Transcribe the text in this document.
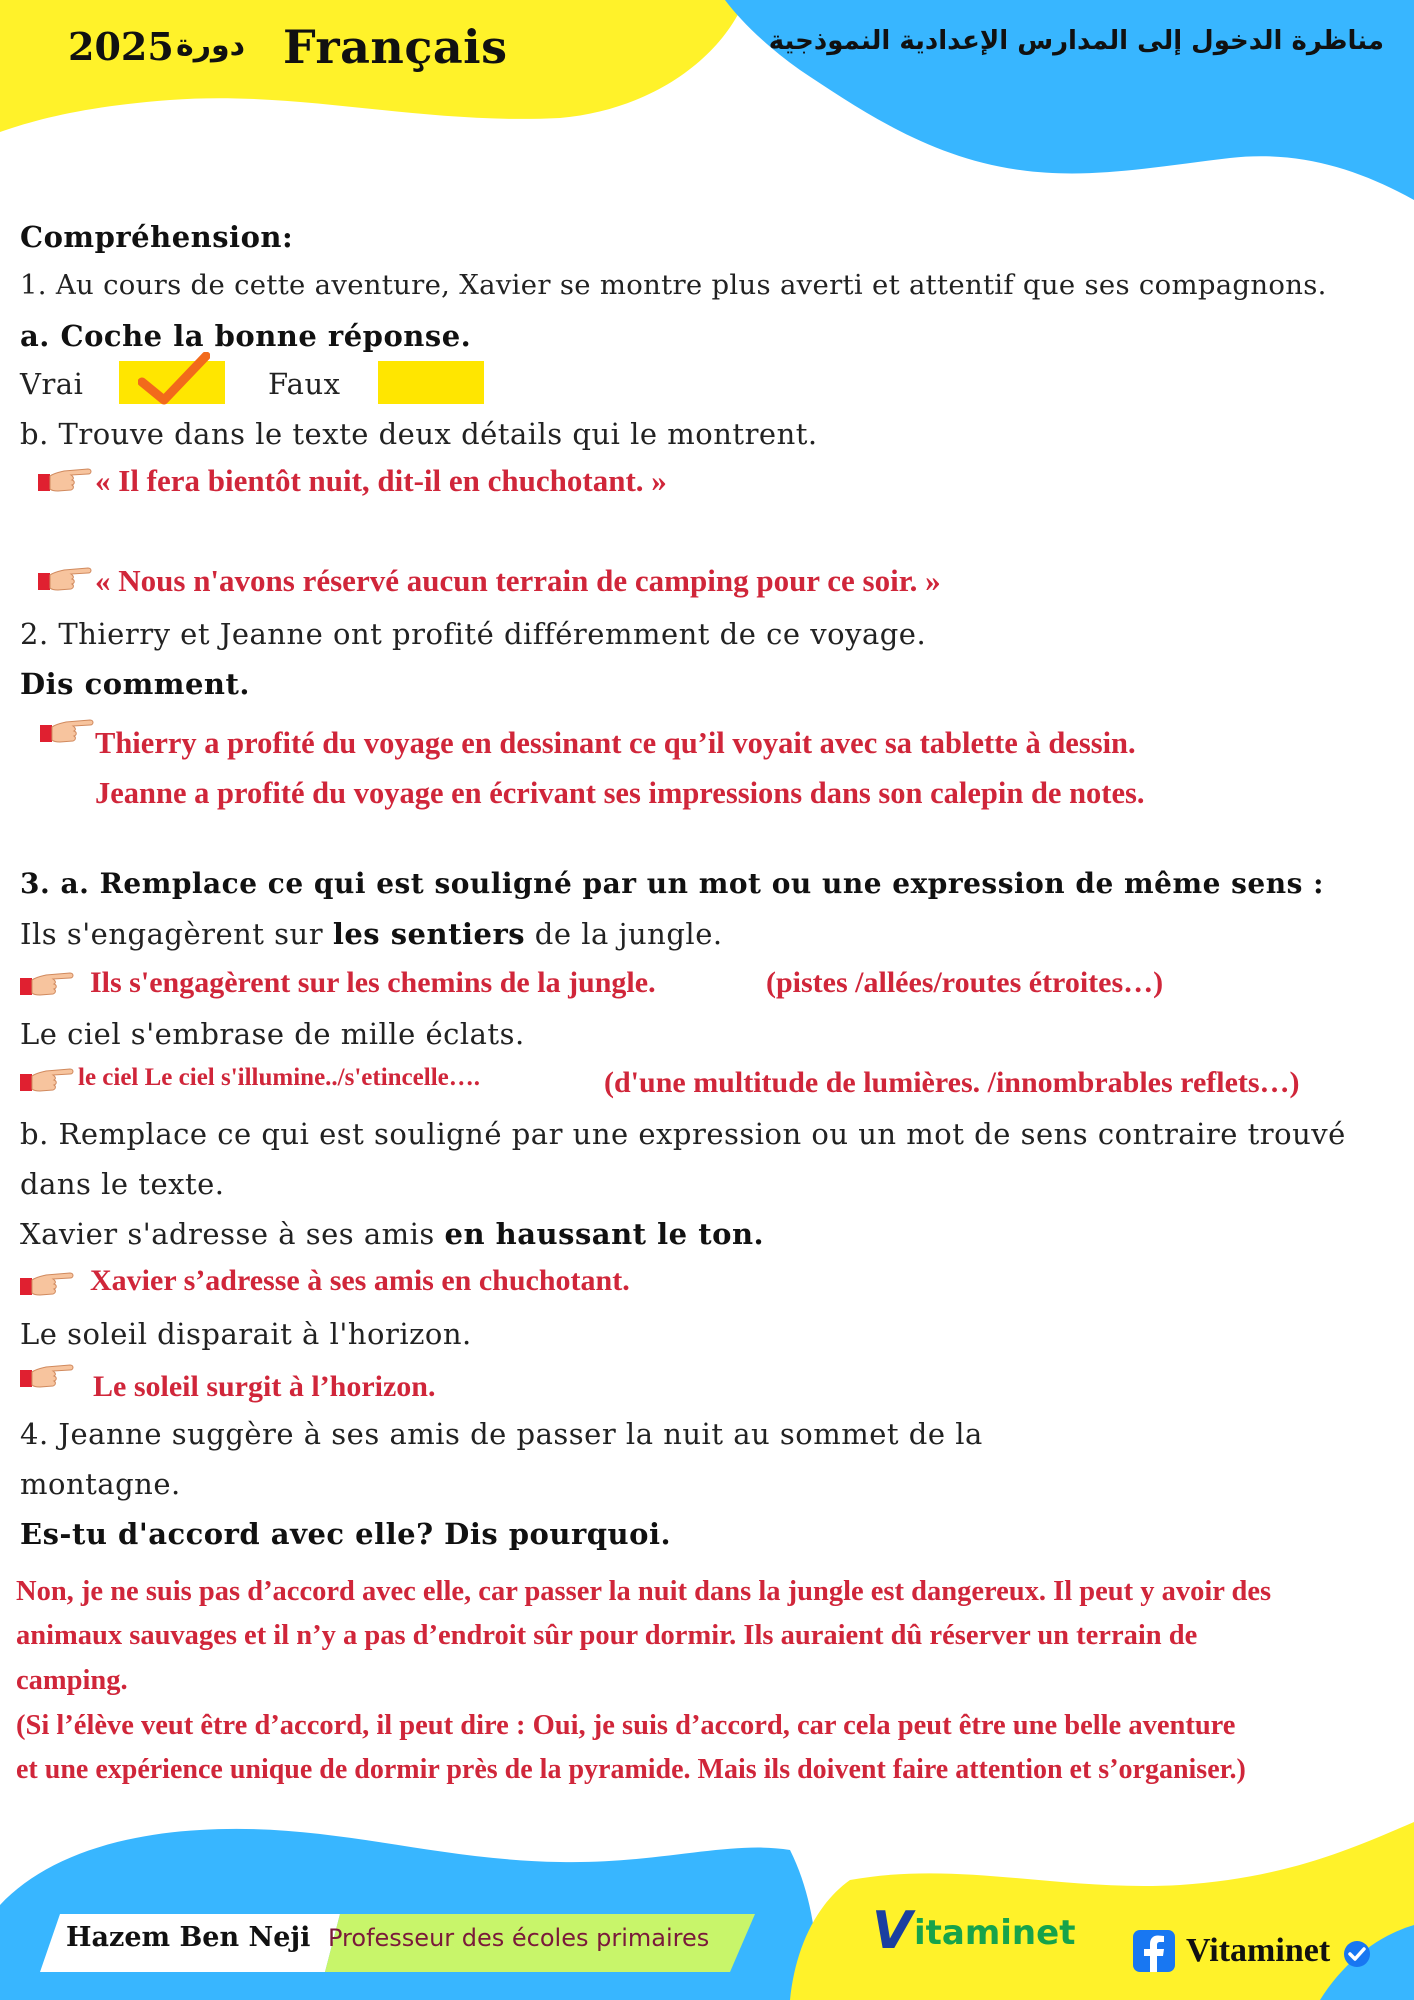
2025 دورة Français	مناظرة الدخول إلى المدارس الإعدادية النموذجية
Compréhension:
1. Au cours de cette aventure, Xavier se montre plus averti et attentif que ses compagnons.
a. Coche la bonne réponse.
Vrai	Faux
b. Trouve dans le texte deux détails qui le montrent.
« Il fera bientôt nuit, dit-il en chuchotant. »
« Nous n'avons réservé aucun terrain de camping pour ce soir. »
2. Thierry et Jeanne ont profité différemment de ce voyage.
Dis comment.
Thierry a profité du voyage en dessinant ce qu’il voyait avec sa tablette à dessin.
Jeanne a profité du voyage en écrivant ses impressions dans son calepin de notes.
3. a. Remplace ce qui est souligné par un mot ou une expression de même sens :
Ils s'engagèrent sur les sentiers de la jungle.
Ils s'engagèrent sur les chemins de la jungle.	(pistes /allées/routes étroites…)
Le ciel s'embrase de mille éclats.
le ciel Le ciel s'illumine../s'etincelle….	(d'une multitude de lumières. /innombrables reflets…)
b. Remplace ce qui est souligné par une expression ou un mot de sens contraire trouvé
dans le texte.
Xavier s'adresse à ses amis en haussant le ton.
Xavier s’adresse à ses amis en chuchotant.
Le soleil disparait à l'horizon.
Le soleil surgit à l’horizon.
4. Jeanne suggère à ses amis de passer la nuit au sommet de la
montagne.
Es-tu d'accord avec elle? Dis pourquoi.
Non, je ne suis pas d’accord avec elle, car passer la nuit dans la jungle est dangereux. Il peut y avoir des
animaux sauvages et il n’y a pas d’endroit sûr pour dormir. Ils auraient dû réserver un terrain de
camping.
(Si l’élève veut être d’accord, il peut dire : Oui, je suis d’accord, car cela peut être une belle aventure
et une expérience unique de dormir près de la pyramide. Mais ils doivent faire attention et s’organiser.)
Hazem Ben Neji Professeur des écoles primaires	V itaminet	Vitaminet
